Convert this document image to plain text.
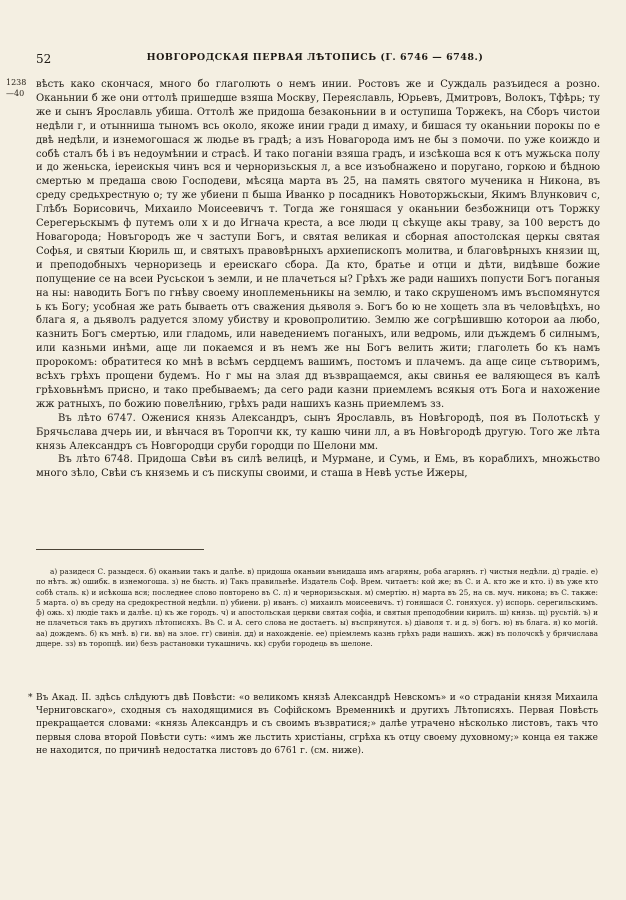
52	НОВГОРОДСКАЯ ПЕРВАЯ ЛѢТОПИСЬ (Г. 6746 — 6748.)
1238
—40

вѣсть како скончася, много бо глаголють о немъ инии. Ростовъ же и Суждаль разъидеся а розно. Оканьнии б же они оттолѣ пришедше взяша Москву, Переяславль, Юрьевъ, Дмитровъ, Волокъ, Тфѣрь; ту же и сынъ Ярославль убиша. Оттолѣ же придоша безаконьнии в и оступиша Торжекъ, на Сборъ чистои недѣли г, и отынниша тыномъ всь около, якоже инии гради д имаху, и бишася ту оканьнии порокы по е двѣ недѣли, и изнемогошася ж людье въ градѣ; а изъ Новагорода имъ не бы з помочи. по уже коиждо и собѣ сталъ бѣ і въ недоумѣнии и страсѣ. И тако поганіи взяша градъ, и изсѣкоша вся к отъ мужьска полу и до женьска, іереискыя чинъ вся и черноризьскыя л, а все изъобнажено и поругано, горкою и бѣдною смертью м предаша свою Господеви, мѣсяца марта въ 25, на память святого мученика н Никона, въ среду средьхрестную о; ту же убиени п быша Иванко р посадникъ Новоторжьскыи, Якимъ Влункович с, Глѣбъ Борисовичь, Михаило Моисеевичъ т. Тогда же гоняшася у оканьнии безбожници отъ Торжку Серегерьскымъ ф путемъ оли х и до Игнача креста, а все люди ц сѣкуще акы траву, за 100 верстъ до Новагорода; Новъгородъ же ч заступи Богъ, и святая великая и сборная апостолская церкы святая Софья, и святыи Кюриль ш, и святыхъ правовѣрныхъ архиепископъ молитва, и благовѣрныхъ князии щ, и преподобныхъ черноризець и ереискаго сбора. Да кто, братье и отци и дѣти, видѣвше божие попущение се на всеи Русьскои ъ земли, и не плачеться ы? Грѣхъ же ради нашихъ попусти Богъ поганыя на ны: наводить Богъ по гнѣву своему иноплеменьникы на землю, и тако скрушеномъ имъ въспомянутся ь къ Богу; усобная же рать бываеть отъ сважения дьяволя э. Богъ бо ю не хощеть зла въ человѣцѣхъ, но блага я, а дьяволъ радуется злому убиству и кровопролитию. Землю же согрѣшившю которои аа любо, казнить Богъ смертью, или гладомь, или наведениемъ поганыхъ, или ведромь, или дъждемъ б силнымъ, или казньми инѣми, аще ли покаемся и въ немъ же ны Богъ велить жити; глаголеть бо къ намъ пророкомъ: обратитеся ко мнѣ в всѣмъ сердцемъ вашимъ, постомъ и плачемъ. да аще сице сътворимъ, всѣхъ грѣхъ прощени будемъ. Но г мы на злая дд възвращаемся, акы свинья ее валяющеся въ калѣ грѣховьнѣмъ присно, и тако пребываемъ; да сего ради казни приемлемъ всякыя отъ Бога и нахожение жж ратныхъ, по божию повелѣнию, грѣхъ ради нашихъ казнь приемлемъ зз.

Въ лѣто 6747. Оженися князь Александръ, сынъ Ярославль, въ Новѣгородѣ, поя въ Полотьскѣ у Брячьслава дчерь ии, и вѣнчася въ Торопчи кк, ту кашю чини лл, а въ Новѣгородѣ другую. Того же лѣта князь Александръ съ Новгородци сруби городци по Шелони мм.

Въ лѣто 6748. Придоша Свѣи въ силѣ велицѣ, и Мурмане, и Сумь, и Емь, въ кораблихъ, множьство много зѣло, Свѣи съ княземь и съ пискупы своими, и сташа в Невѣ устье Ижеры,

а) разидеся С. разыдеся. б) оканьии такъ и далѣе. в) придоша оканьии вънидаша имъ агаряны, роба агарянъ. г) чистыя недѣли. д) градіе. е) по нѣтъ. ж) ошибк. в изнемогоша. з) не бысть. и) Такъ правильнѣе. Издатель Соф. Врем. читаетъ: кой же; въ С. и А. кто же и кто. і) въ уже кто собѣ сталь. к) и исѣкоша вся; последнее слово повторено въ С. л) и черноризьскыя. м) смертію. н) марта въ 25, на св. муч. никона; въ С. также: 5 марта. о) въ среду на средокрестной недѣли. п) убиени. р) иванъ. с) михаилъ моисеевичъ. т) гоняшася С. гоняхуся. у) испорь. серегильскимъ. ф) ожь. х) людіе такъ и далѣе. ц) къ же городъ. ч) и апостольская церкви святая софіа, и святыя преподобнии кирилъ. ш) князь. щ) русьтій. ъ) и не плачеться такъ въ другихъ лѣтописяхъ. Въ С. и А. сего слова не достаетъ. ы) въспрянутся. ь) діаволя т. и д. э) богъ. ю) въ блага. я) ко могій. аа) дождемъ. б) къ мнѣ. в) ги. вв) на злое. гг) свинія. дд) и нахожденіе. ее) пріемлемъ казнь грѣхъ ради нашихъ. жж) въ полочскѣ у брячислава дщере. зз) въ торопцѣ. ии) безъ растановки тукашничь. кк) сруби городець въ шелоне.

* Въ Акад. II. здѣсь слѣдуютъ двѣ Повѣсти: «о великомъ князѣ Александрѣ Невскомъ» и «о страданіи князя Михаила Черниговскаго», сходныя съ находящимися въ Софійскомъ Временникѣ и другихъ Лѣтописяхъ. Первая Повѣсть прекращается словами: «князь Александръ и съ своимъ възвратися;» далѣе утрачено нѣсколько листовъ, такъ что первыя слова второй Повѣсти суть: «имъ же льстить христіаны, сгрѣха къ отцу своему духовному;» конца ея также не находится, по причинѣ недостатка листовъ до 6761 г. (см. ниже).
